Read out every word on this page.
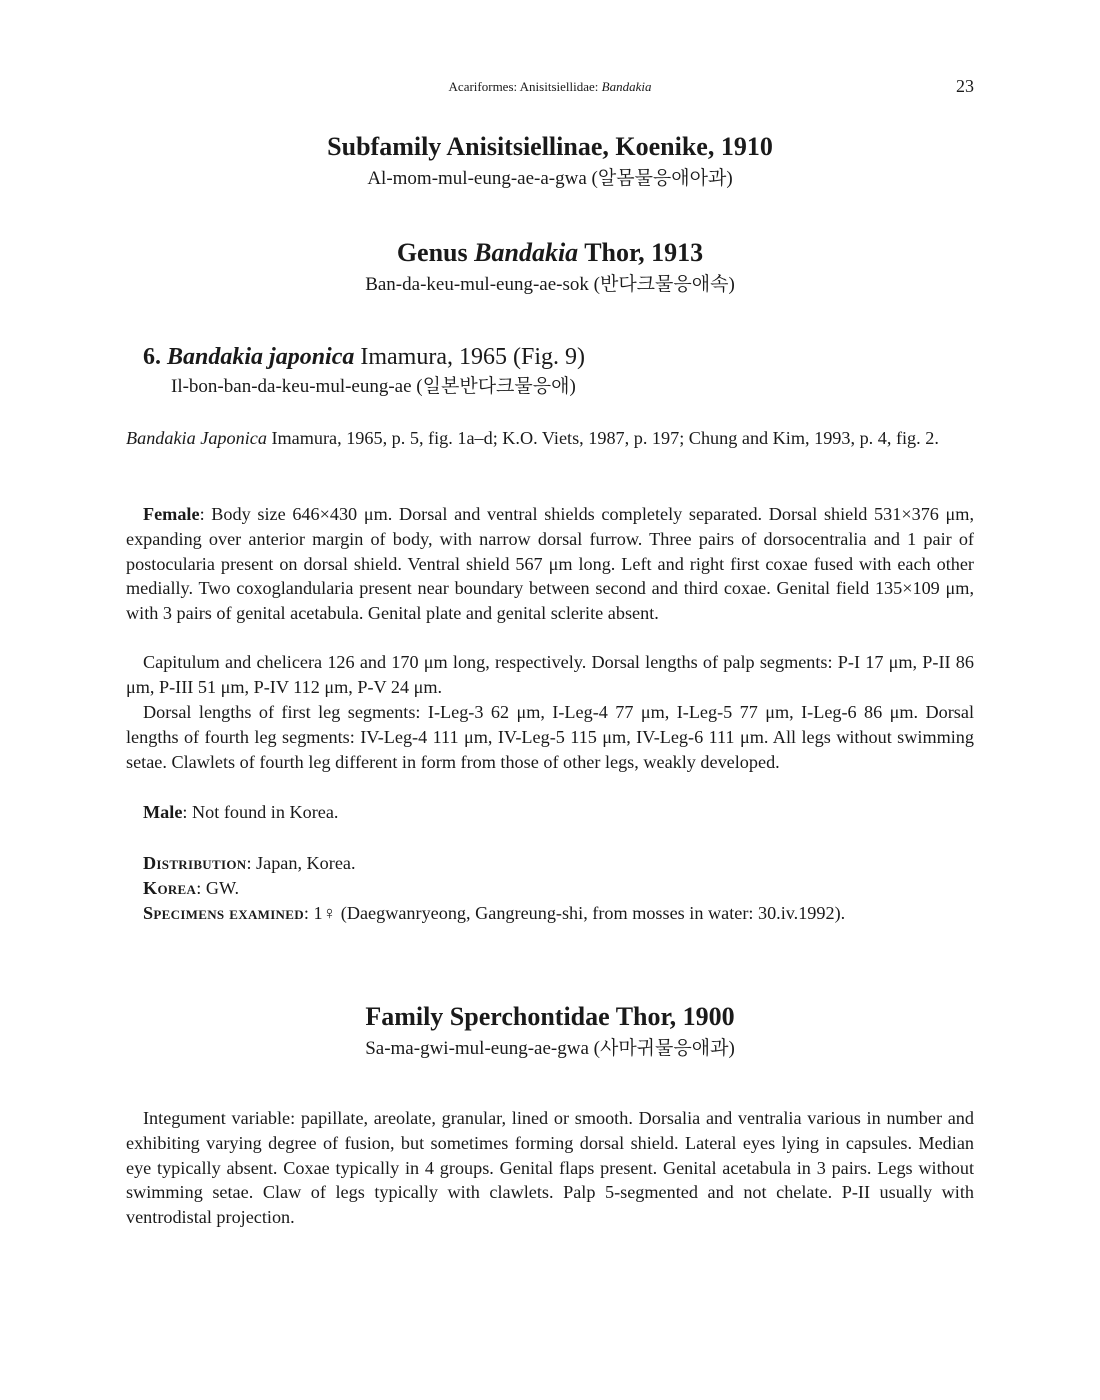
Acariformes: Anisitsiellidae: Bandakia	23
Subfamily Anisitsiellinae, Koenike, 1910
Al-mom-mul-eung-ae-a-gwa (알몸물응애아과)
Genus Bandakia Thor, 1913
Ban-da-keu-mul-eung-ae-sok (반다크물응애속)
6. Bandakia japonica Imamura, 1965 (Fig. 9)
Il-bon-ban-da-keu-mul-eung-ae (일본반다크물응애)
Bandakia Japonica Imamura, 1965, p. 5, fig. 1a–d; K.O. Viets, 1987, p. 197; Chung and Kim, 1993, p. 4, fig. 2.
Female: Body size 646×430 μm. Dorsal and ventral shields completely separated. Dorsal shield 531×376 μm, expanding over anterior margin of body, with narrow dorsal furrow. Three pairs of dorsocentralia and 1 pair of postocularia present on dorsal shield. Ventral shield 567 μm long. Left and right first coxae fused with each other medially. Two coxoglandularia present near boundary between second and third coxae. Genital field 135×109 μm, with 3 pairs of genital acetabula. Genital plate and genital sclerite absent.
Capitulum and chelicera 126 and 170 μm long, respectively. Dorsal lengths of palp segments: P-I 17 μm, P-II 86 μm, P-III 51 μm, P-IV 112 μm, P-V 24 μm.
Dorsal lengths of first leg segments: I-Leg-3 62 μm, I-Leg-4 77 μm, I-Leg-5 77 μm, I-Leg-6 86 μm. Dorsal lengths of fourth leg segments: IV-Leg-4 111 μm, IV-Leg-5 115 μm, IV-Leg-6 111 μm. All legs without swimming setae. Clawlets of fourth leg different in form from those of other legs, weakly developed.
Male: Not found in Korea.
Distribution: Japan, Korea.
Korea: GW.
Specimens examined: 1♀ (Daegwanryeong, Gangreung-shi, from mosses in water: 30.iv.1992).
Family Sperchontidae Thor, 1900
Sa-ma-gwi-mul-eung-ae-gwa (사마귀물응애과)
Integument variable: papillate, areolate, granular, lined or smooth. Dorsalia and ventralia various in number and exhibiting varying degree of fusion, but sometimes forming dorsal shield. Lateral eyes lying in capsules. Median eye typically absent. Coxae typically in 4 groups. Genital flaps present. Genital acetabula in 3 pairs. Legs without swimming setae. Claw of legs typically with clawlets. Palp 5-segmented and not chelate. P-II usually with ventrodistal projection.
